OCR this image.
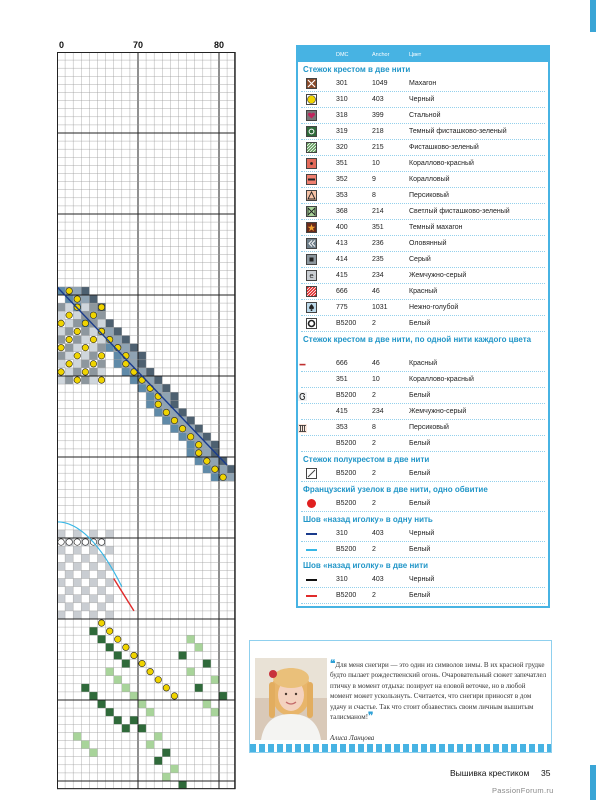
0	70	80
DMC	Anchor	Цвет
Стежок крестом в две нити
301	1049	Махагон
310	403	Черный
318	399	Стальной
319	218	Темный фисташково-зеленый
320	215	Фисташково-зеленый
351	10	Кораллово-красный
352	9	Коралловый
353	8	Персиковый
368	214	Светлый фисташково-зеленый
400	351	Темный махагон
413	236	Оловянный
414	235	Серый
e	415	234	Жемчужно-серый
666	46	Красный
775	1031	Нежно-голубой
B5200 2	Белый
Стежок крестом в две нити, по одной нити каждого цвета
666	46	Красный
351	10	Кораллово-красный
B5200 2	Белый
415	234	Жемчужно-серый
353	8	Персиковый
B5200 2	Белый
Стежок полукрестом в две нити
B5200 2	Белый
Французский узелок в две нити, одно обвитие
B5200 2	Белый
Шов «назад иголку» в одну нить
310	403	Черный
B5200 2	Белый
Шов «назад иголку» в две нити
310	403	Черный
B5200 2	Белый
❝Для меня снегири — это один из символов зимы. В их красной грудке будто пылает рождественский огонь. Очаровательный сюжет запечатлел птичку в момент отдыха: позирует на еловой веточке, но в любой момент может ускользнуть. Считается, что снегири приносят в дом удачу и счастье. Так что стоит обзавестись своим личным вышитым талисманом!❞
Алиса Ланцова
Вышивка крестиком 35
PassionForum.ru
